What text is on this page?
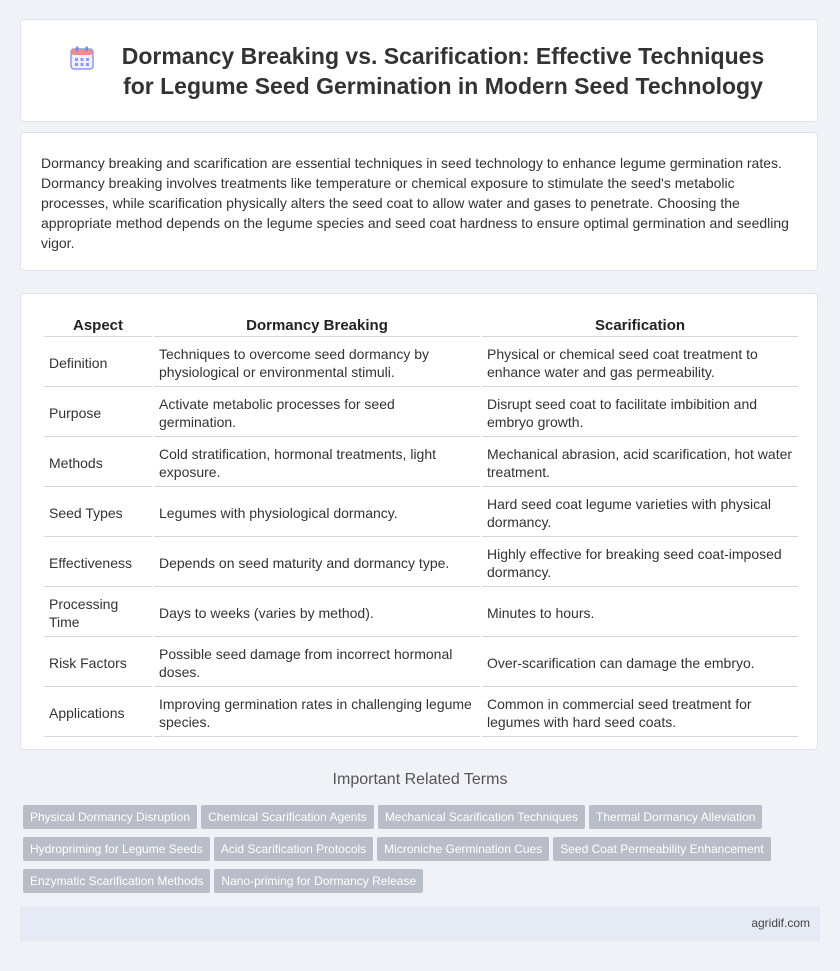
Dormancy Breaking vs. Scarification: Effective Techniques for Legume Seed Germination in Modern Seed Technology

Dormancy breaking and scarification are essential techniques in seed technology to enhance legume germination rates. Dormancy breaking involves treatments like temperature or chemical exposure to stimulate the seed's metabolic processes, while scarification physically alters the seed coat to allow water and gases to penetrate. Choosing the appropriate method depends on the legume species and seed coat hardness to ensure optimal germination and seedling vigor.

Aspect	Dormancy Breaking	Scarification
Definition	Techniques to overcome seed dormancy by physiological or environmental stimuli.	Physical or chemical seed coat treatment to enhance water and gas permeability.
Purpose	Activate metabolic processes for seed germination.	Disrupt seed coat to facilitate imbibition and embryo growth.
Methods	Cold stratification, hormonal treatments, light exposure.	Mechanical abrasion, acid scarification, hot water treatment.
Seed Types	Legumes with physiological dormancy.	Hard seed coat legume varieties with physical dormancy.
Effectiveness	Depends on seed maturity and dormancy type.	Highly effective for breaking seed coat-imposed dormancy.
Processing Time	Days to weeks (varies by method).	Minutes to hours.
Risk Factors	Possible seed damage from incorrect hormonal doses.	Over-scarification can damage the embryo.
Applications	Improving germination rates in challenging legume species.	Common in commercial seed treatment for legumes with hard seed coats.
Important Related Terms
Physical Dormancy Disruption Chemical Scarification Agents Mechanical Scarification Techniques Thermal Dormancy AlleviationHydropriming for Legume Seeds Acid Scarification Protocols Microniche Germination Cues Seed Coat Permeability EnhancementEnzymatic Scarification Methods Nano-priming for Dormancy Release
agridif.com
